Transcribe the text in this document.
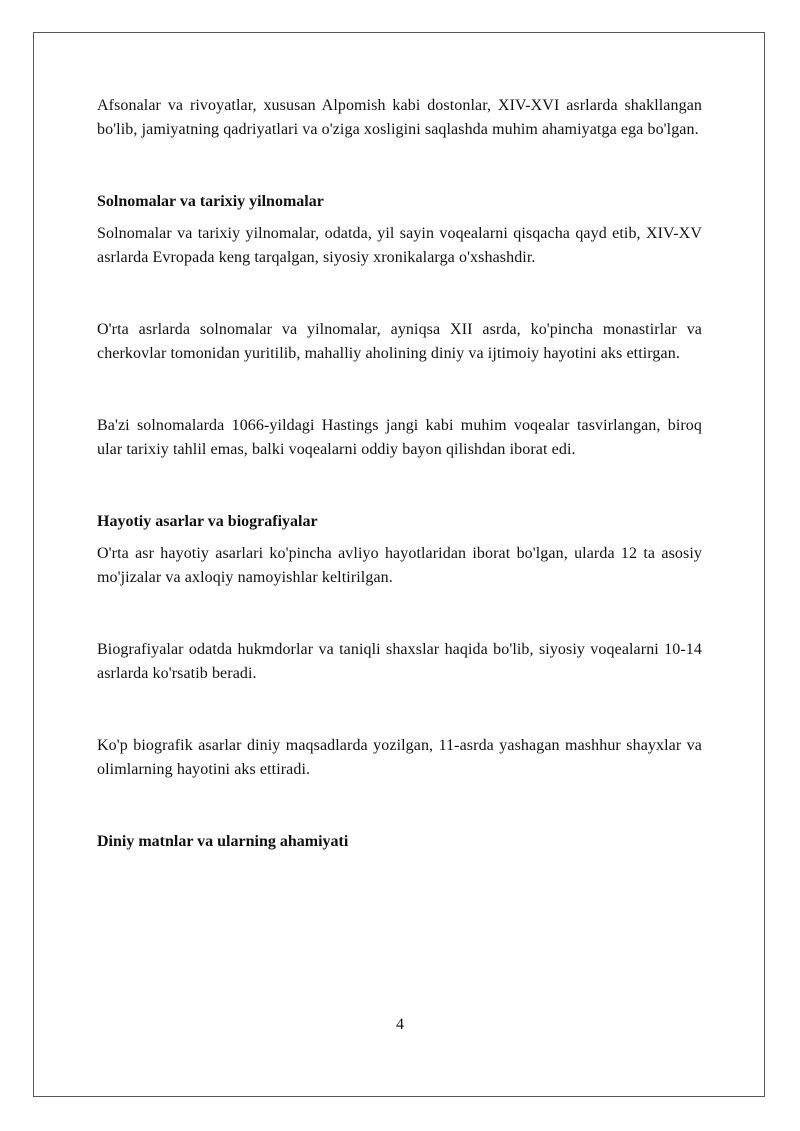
Afsonalar va rivoyatlar, xususan Alpomish kabi dostonlar, XIV-XVI asrlarda shakllangan bo'lib, jamiyatning qadriyatlari va o'ziga xosligini saqlashda muhim ahamiyatga ega bo'lgan.

Solnomalar va tarixiy yilnomalar

Solnomalar va tarixiy yilnomalar, odatda, yil sayin voqealarni qisqacha qayd etib, XIV-XV asrlarda Evropada keng tarqalgan, siyosiy xronikalarga o'xshashdir.

O'rta asrlarda solnomalar va yilnomalar, ayniqsa XII asrda, ko'pincha monastirlar va cherkovlar tomonidan yuritilib, mahalliy aholining diniy va ijtimoiy hayotini aks ettirgan.

Ba'zi solnomalarda 1066-yildagi Hastings jangi kabi muhim voqealar tasvirlangan, biroq ular tarixiy tahlil emas, balki voqealarni oddiy bayon qilishdan iborat edi.

Hayotiy asarlar va biografiyalar

O'rta asr hayotiy asarlari ko'pincha avliyo hayotlaridan iborat bo'lgan, ularda 12 ta asosiy mo'jizalar va axloqiy namoyishlar keltirilgan.

Biografiyalar odatda hukmdorlar va taniqli shaxslar haqida bo'lib, siyosiy voqealarni 10-14 asrlarda ko'rsatib beradi.

Ko'p biografik asarlar diniy maqsadlarda yozilgan, 11-asrda yashagan mashhur shayxlar va olimlarning hayotini aks ettiradi.

Diniy matnlar va ularning ahamiyati
4
